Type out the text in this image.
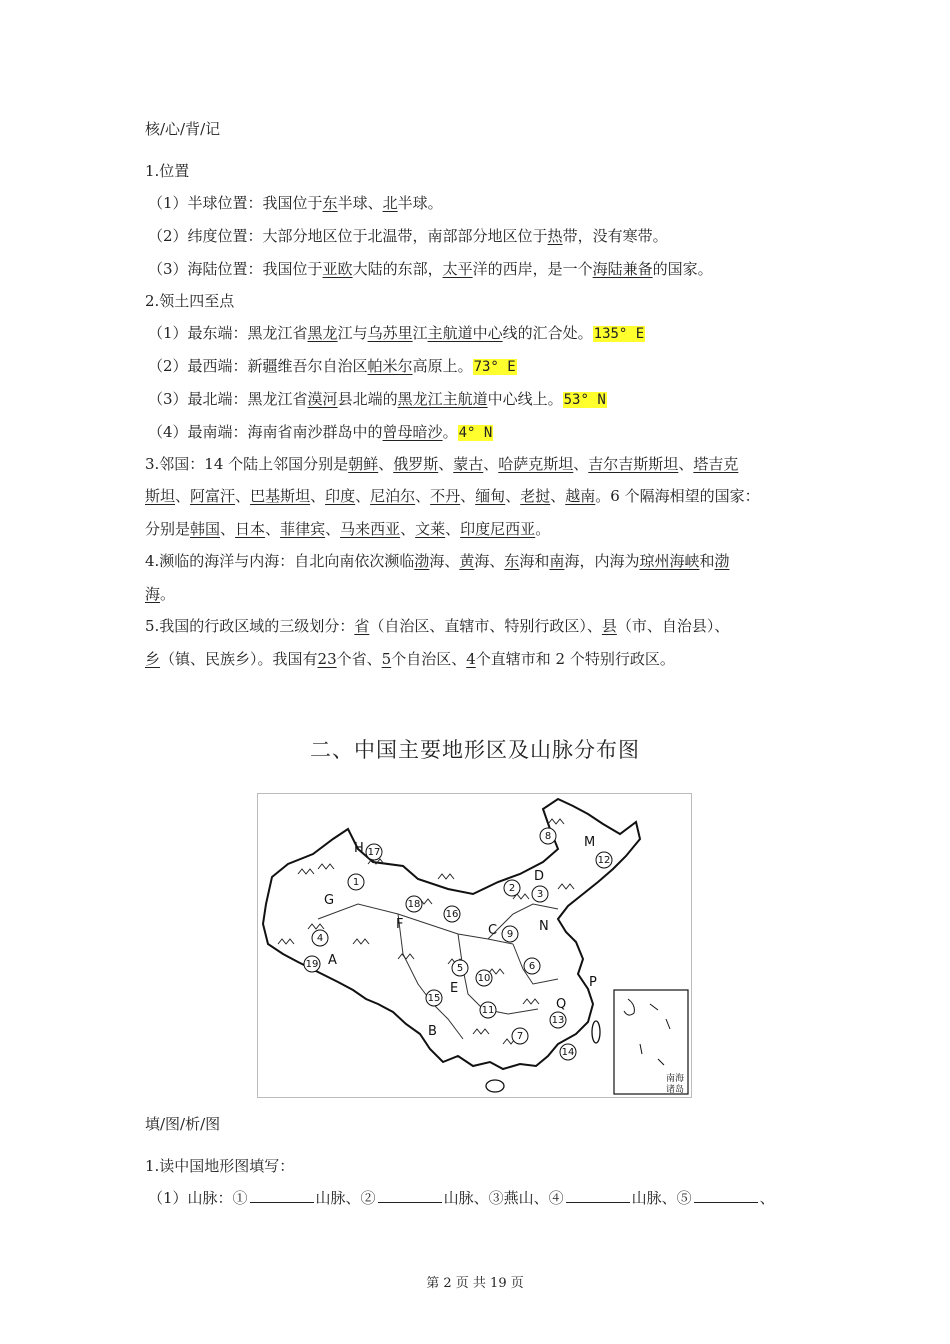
核/心/背/记
1.位置
（1）半球位置：我国位于东半球、北半球。
（2）纬度位置：大部分地区位于北温带，南部部分地区位于热带，没有寒带。
（3）海陆位置：我国位于亚欧大陆的东部，太平洋的西岸，是一个海陆兼备的国家。
2.领土四至点
（1）最东端：黑龙江省黑龙江与乌苏里江主航道中心线的汇合处。135° E
（2）最西端：新疆维吾尔自治区帕米尔高原上。73° E
（3）最北端：黑龙江省漠河县北端的黑龙江主航道中心线上。53° N
（4）最南端：海南省南沙群岛中的曾母暗沙。4° N
3.邻国：14 个陆上邻国分别是朝鲜、俄罗斯、蒙古、哈萨克斯坦、吉尔吉斯斯坦、塔吉克
斯坦、阿富汗、巴基斯坦、印度、尼泊尔、不丹、缅甸、老挝、越南。6 个隔海相望的国家：
分别是韩国、日本、菲律宾、马来西亚、文莱、印度尼西亚。
4.濒临的海洋与内海：自北向南依次濒临渤海、黄海、东海和南海，内海为琼州海峡和渤
海。
5.我国的行政区域的三级划分：省（自治区、直辖市、特别行政区）、县（市、自治县）、
乡（镇、民族乡）。我国有23个省、5个自治区、4个直辖市和 2 个特别行政区。
二、中国主要地形区及山脉分布图
南海
诸岛
H
G
F
A
E
B
C
D
M
N
P
Q
1
2
3
4
5	6
7
8
9
10
11
12
13
14
15
16
17
18
19
填/图/析/图
1.读中国地形图填写：
（1）山脉：①	山脉、②	山脉、③燕山、④	山脉、⑤	、
第 2 页 共 19 页
